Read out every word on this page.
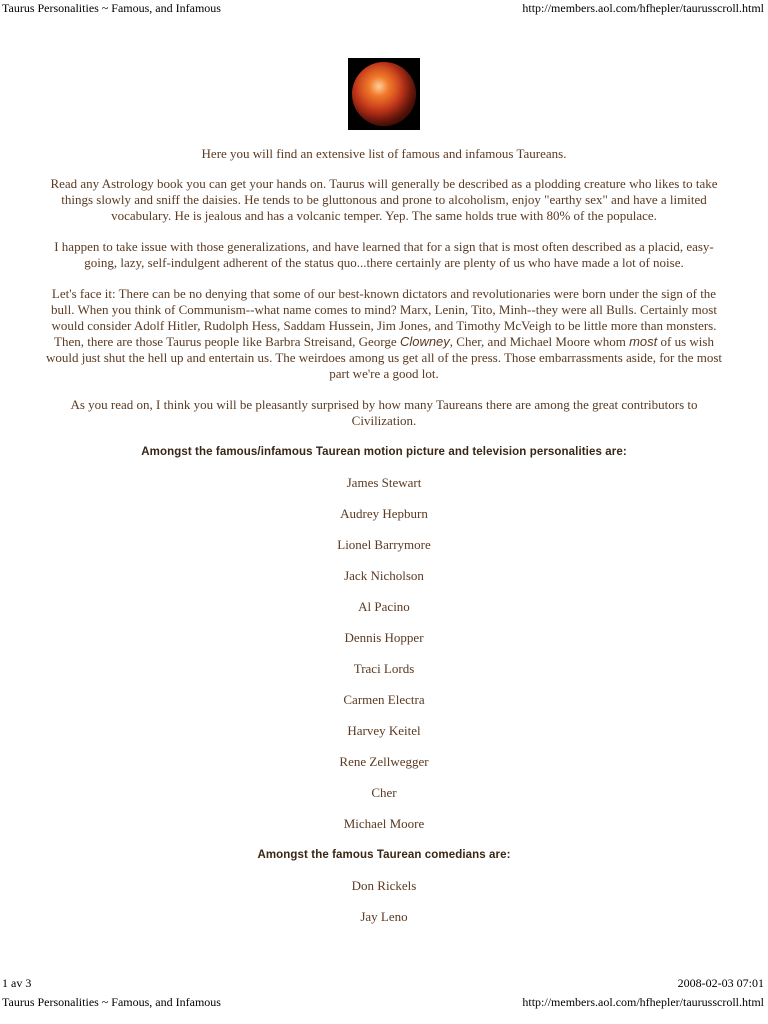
Taurus Personalities ~ Famous, and Infamous	http://members.aol.com/hfhepler/taurusscroll.html

Here you will find an extensive list of famous and infamous Taureans.

Read any Astrology book you can get your hands on. Taurus will generally be described as a plodding creature who likes to take things slowly and sniff the daisies. He tends to be gluttonous and prone to alcoholism, enjoy "earthy sex" and have a limited vocabulary. He is jealous and has a volcanic temper. Yep. The same holds true with 80% of the populace.

I happen to take issue with those generalizations, and have learned that for a sign that is most often described as a placid, easy-going, lazy, self-indulgent adherent of the status quo...there certainly are plenty of us who have made a lot of noise.

Let's face it: There can be no denying that some of our best-known dictators and revolutionaries were born under the sign of the bull. When you think of Communism--what name comes to mind? Marx, Lenin, Tito, Minh--they were all Bulls. Certainly most would consider Adolf Hitler, Rudolph Hess, Saddam Hussein, Jim Jones, and Timothy McVeigh to be little more than monsters. Then, there are those Taurus people like Barbra Streisand, George Clowney, Cher, and Michael Moore whom most of us wish would just shut the hell up and entertain us. The weirdoes among us get all of the press. Those embarrassments aside, for the most part we're a good lot.

As you read on, I think you will be pleasantly surprised by how many Taureans there are among the great contributors to Civilization.

Amongst the famous/infamous Taurean motion picture and television personalities are:
James Stewart
Audrey Hepburn
Lionel Barrymore
Jack Nicholson
Al Pacino
Dennis Hopper
Traci Lords
Carmen Electra
Harvey Keitel
Rene Zellwegger
Cher
Michael Moore
Amongst the famous Taurean comedians are:
Don Rickels
Jay Leno
1 av 3	2008-02-03 07:01
Taurus Personalities ~ Famous, and Infamous	http://members.aol.com/hfhepler/taurusscroll.html
